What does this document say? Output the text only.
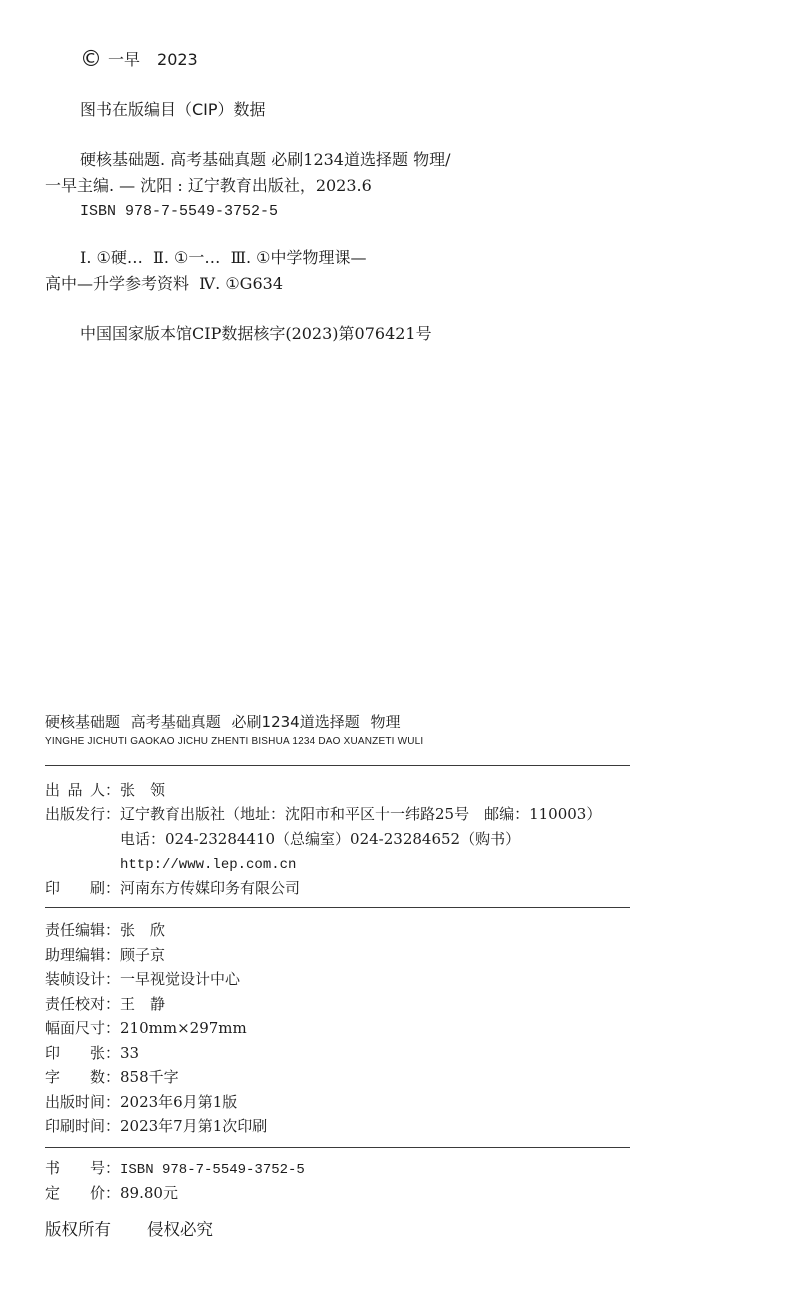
© 一早 2023
图书在版编目（CIP）数据
硬核基础题. 高考基础真题 必刷1234道选择题 物理/
一早主编. — 沈阳 : 辽宁教育出版社，2023.6
ISBN 978-7-5549-3752-5
Ⅰ. ①硬…  Ⅱ. ①一…  Ⅲ. ①中学物理课—
高中—升学参考资料  Ⅳ. ①G634
中国国家版本馆CIP数据核字(2023)第076421号
硬核基础题 高考基础真题 必刷1234道选择题 物理
YINGHE JICHUTI GAOKAO JICHU ZHENTI BISHUA 1234 DAO XUANZETI WULI
出 品 人：张　领
出版发行：辽宁教育出版社（地址：沈阳市和平区十一纬路25号　邮编：110003）
电话：024-23284410（总编室）024-23284652（购书）
http://www.lep.com.cn
印 刷：河南东方传媒印务有限公司
责任编辑：张　欣
助理编辑：顾子京
装帧设计：一早视觉设计中心
责任校对：王　静
幅面尺寸：210mm×297mm
印 张：33
字 数：858千字
出版时间：2023年6月第1版
印刷时间：2023年7月第1次印刷
书 号：ISBN 978-7-5549-3752-5
定 价：89.80元
版权所有 侵权必究
